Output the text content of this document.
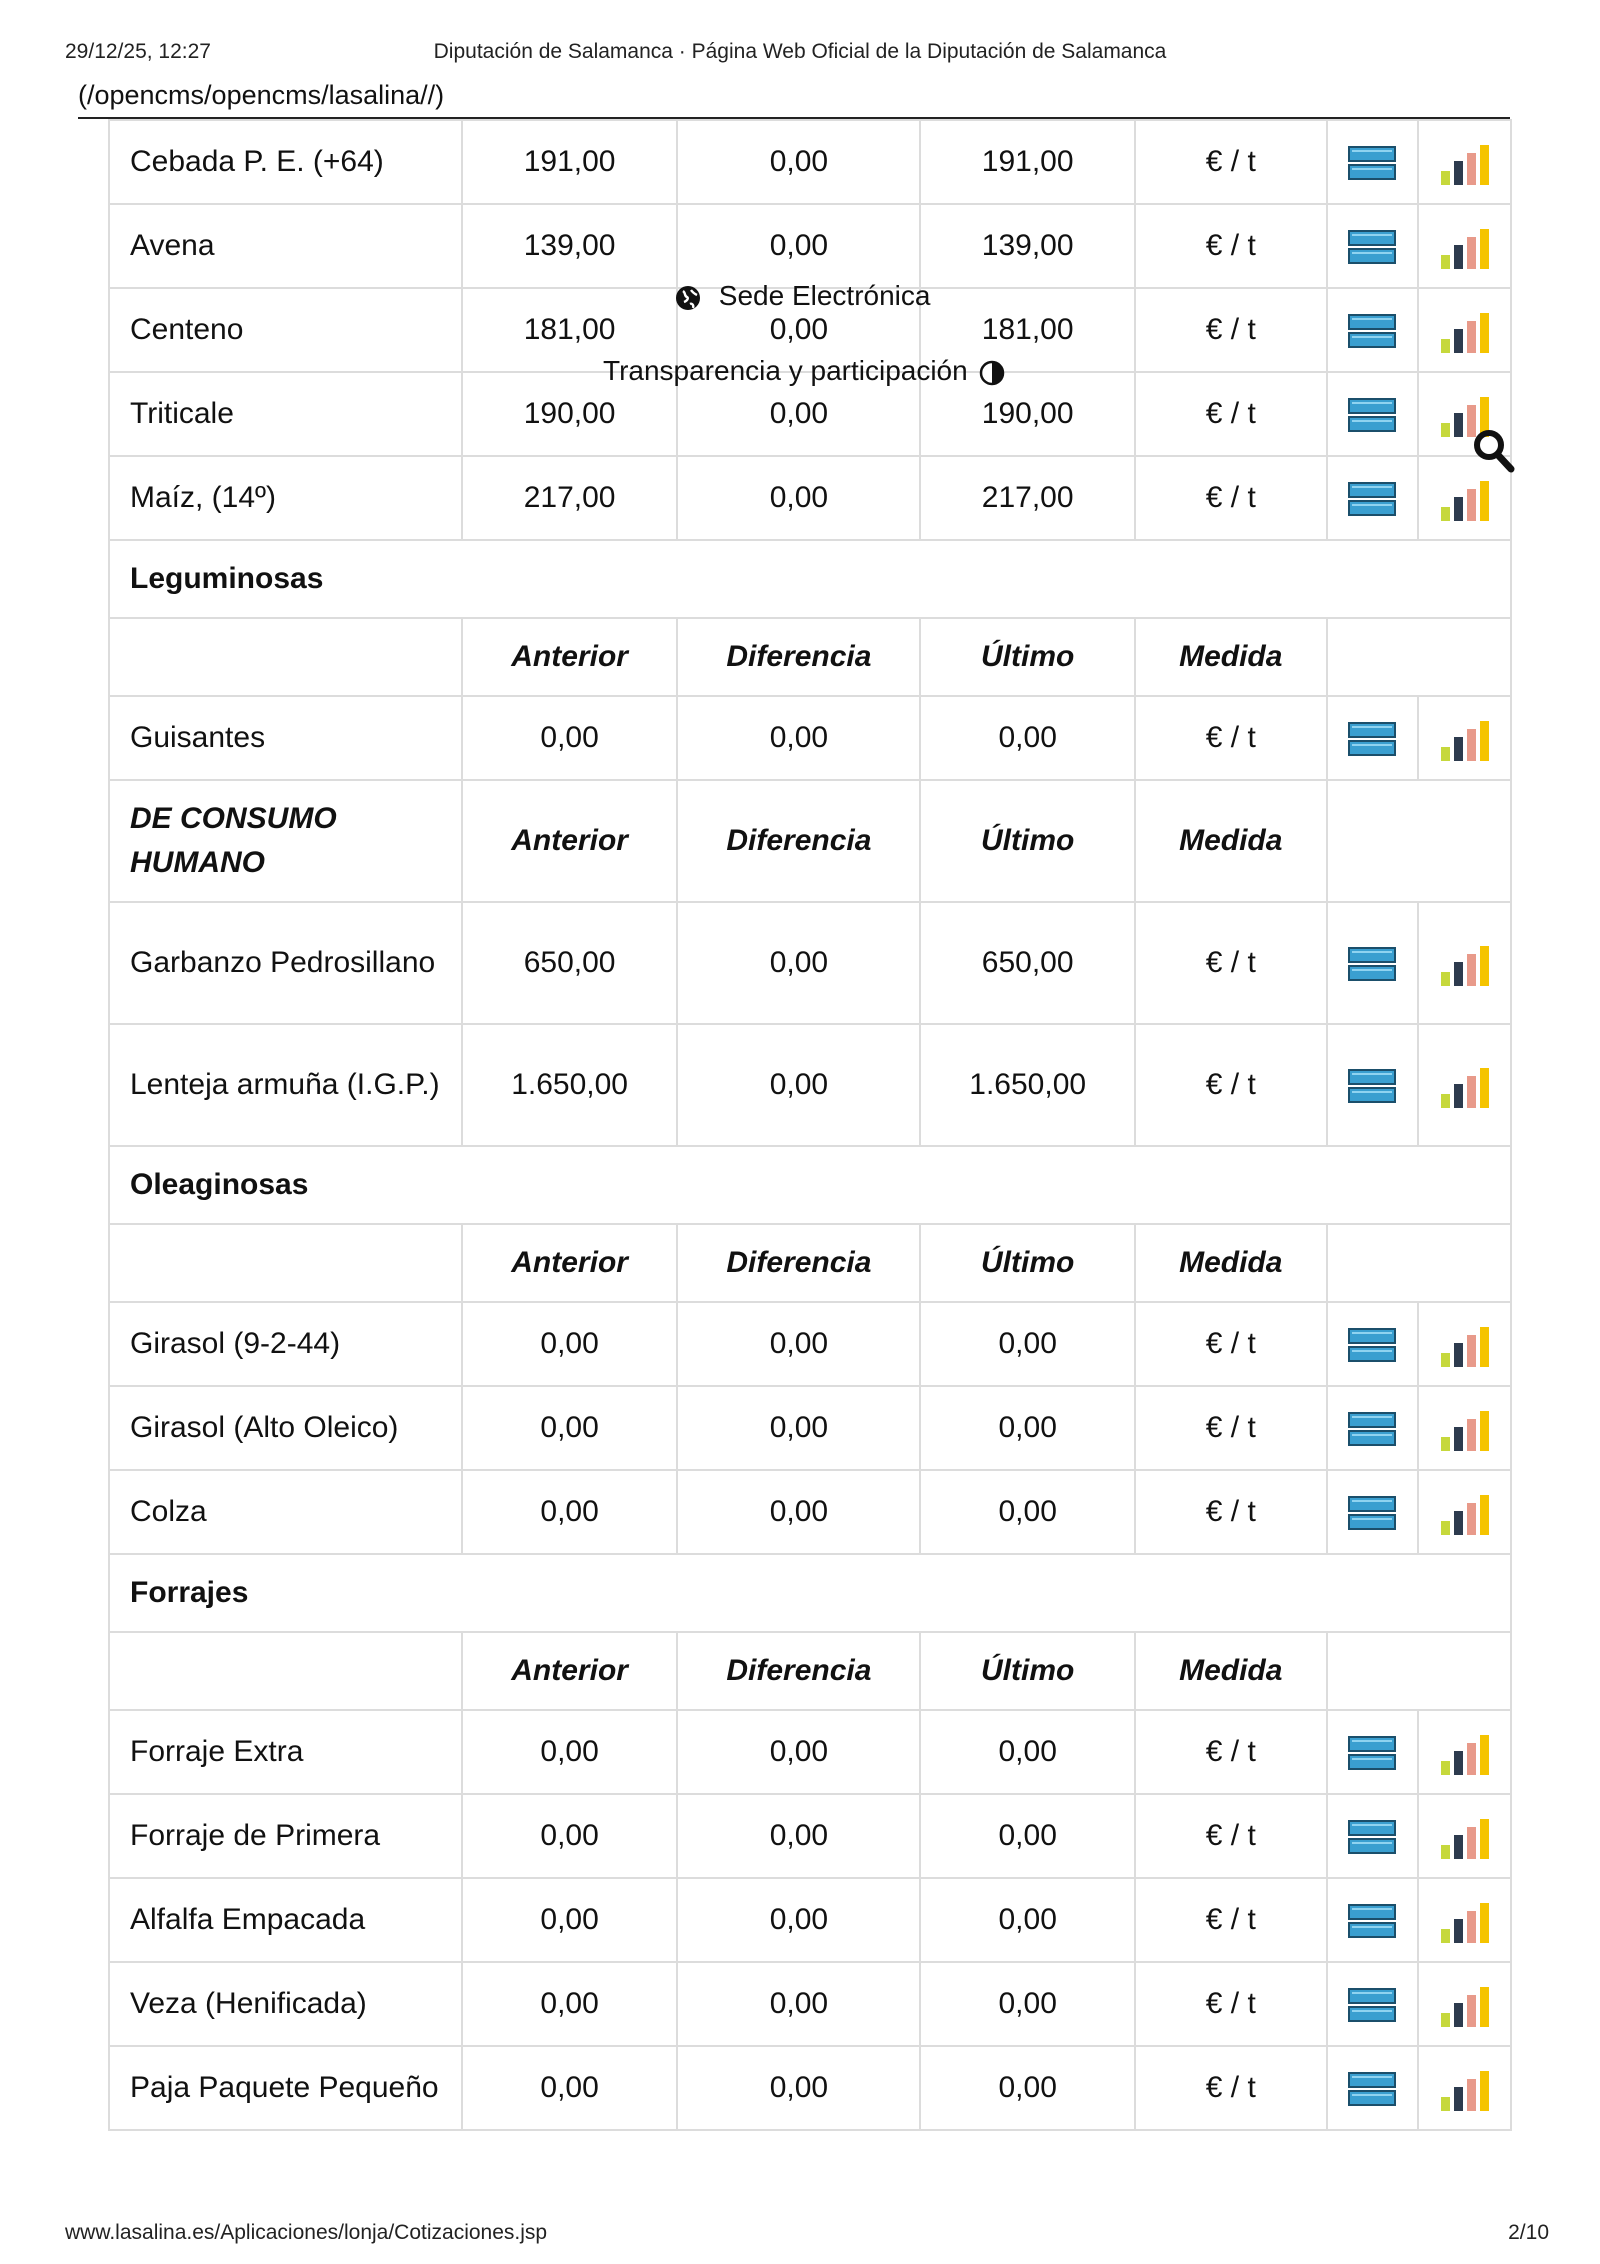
29/12/25, 12:27	Diputación de Salamanca · Página Web Oficial de la Diputación de Salamanca
(/opencms/opencms/lasalina//)
Cebada P. E. (+64)	191,00	0,00	191,00	€ / t		
Avena	139,00	0,00	139,00	€ / t		
Centeno	181,00	0,00	181,00	€ / t		
Triticale	190,00	0,00	190,00	€ / t		
Maíz, (14º)	217,00	0,00	217,00	€ / t		
Leguminosas						
	Anterior	Diferencia	Último	Medida		
Guisantes	0,00	0,00	0,00	€ / t		
DE CONSUMO HUMANO	Anterior	Diferencia	Último	Medida		
Garbanzo Pedrosillano	650,00	0,00	650,00	€ / t		
Lenteja armuña (I.G.P.)	1.650,00	0,00	1.650,00	€ / t		
Oleaginosas						
	Anterior	Diferencia	Último	Medida		
Girasol (9-2-44)	0,00	0,00	0,00	€ / t		
Girasol (Alto Oleico)	0,00	0,00	0,00	€ / t		
Colza	0,00	0,00	0,00	€ / t		
Forrajes						
	Anterior	Diferencia	Último	Medida		
Forraje Extra	0,00	0,00	0,00	€ / t		
Forraje de Primera	0,00	0,00	0,00	€ / t		
Alfalfa Empacada	0,00	0,00	0,00	€ / t		
Veza (Henificada)	0,00	0,00	0,00	€ / t		
Paja Paquete Pequeño	0,00	0,00	0,00	€ / t		
Sede Electrónica
Transparencia y participación
www.lasalina.es/Aplicaciones/lonja/Cotizaciones.jsp	2/10
